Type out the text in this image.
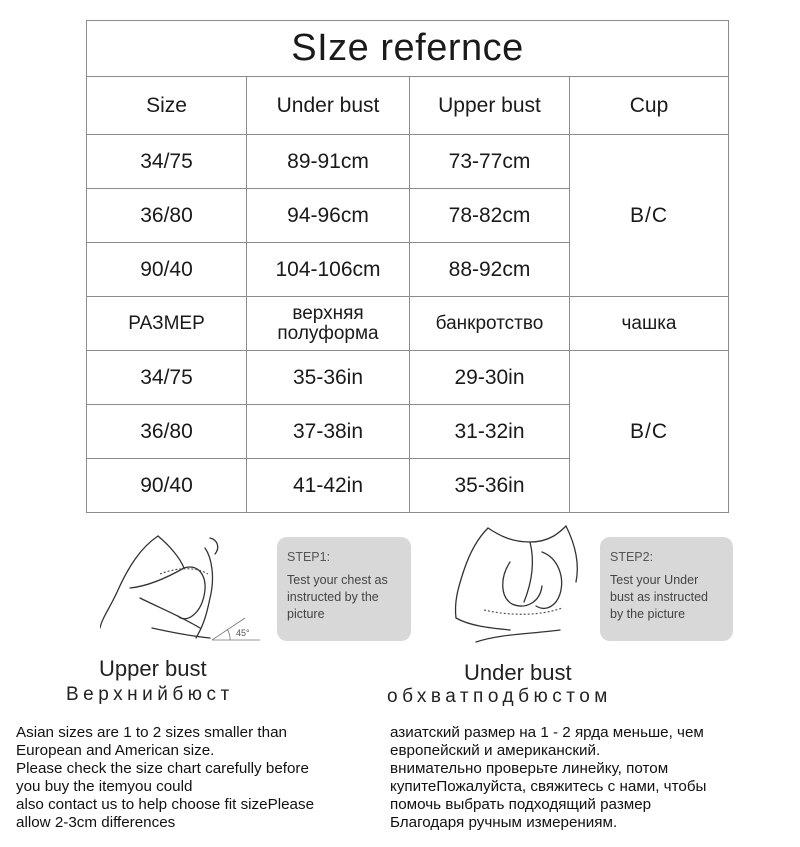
SIze refernce			
Size	Under bust	Upper bust	Cup
34/75	89-91cm	73-77cm	B/C
36/80	94-96cm	78-82cm	
90/40	104-106cm	88-92cm	
РАЗМЕР	верхняя полуформа	банкротство	чашка
34/75	35-36in	29-30in	B/C
36/80	37-38in	31-32in	
90/40	41-42in	35-36in	
45°
STEP1:
Test your chest as instructed by the picture
Upper bust
Верхнийбюст
STEP2:
Test your Under bust as instructed by the picture
Under bust
обхватподбюстом
Asian sizes are 1 to 2 sizes smaller than
European and American size.
Please check the size chart carefully before
you buy the itemyou could
also contact us to help choose fit sizePlease
allow 2-3cm differences
азиатский размер на 1 - 2 ярда меньше, чем
европейский и американский.
внимательно проверьте линейку, потом
купитеПожалуйста, свяжитесь с нами, чтобы
помочь выбрать подходящий размер
Благодаря ручным измерениям.
